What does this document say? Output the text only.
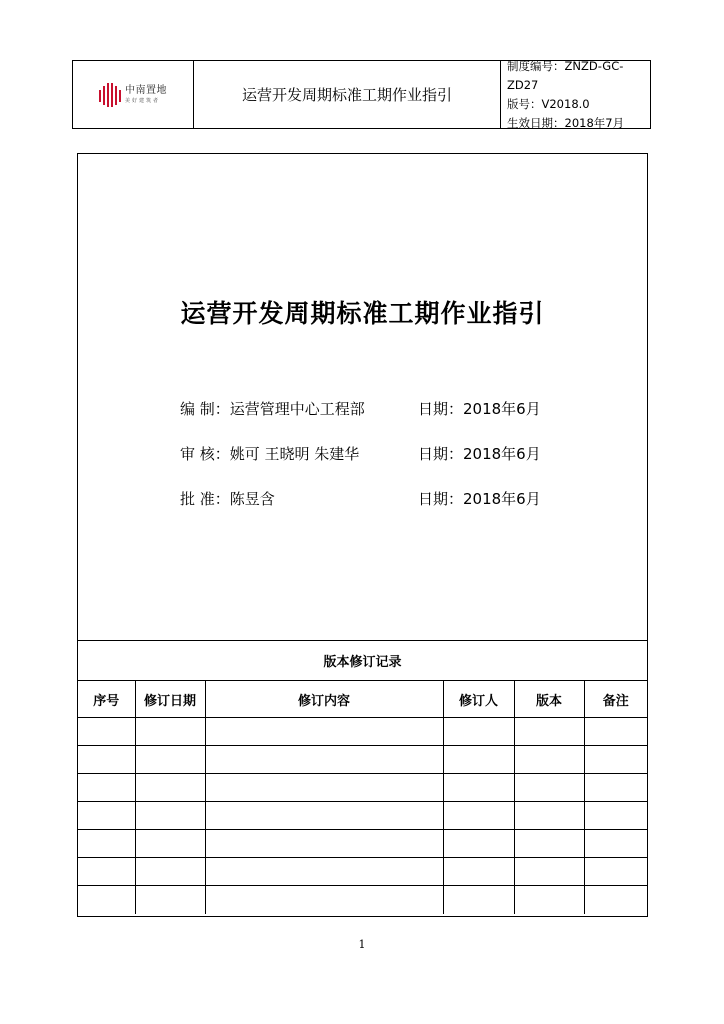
中南置地
美好建筑者	运营开发周期标准工期作业指引
制度编号：ZNZD-GC-ZD27
版号：V2018.0
生效日期：2018年7月
运营开发周期标准工期作业指引
编 制：运营管理中心工程部	日期：2018年6月
审 核：姚可 王晓明 朱建华	日期：2018年6月
批 准：陈昱含	日期：2018年6月
版本修订记录
序号	修订日期	修订内容	修订人	版本	备注

1
